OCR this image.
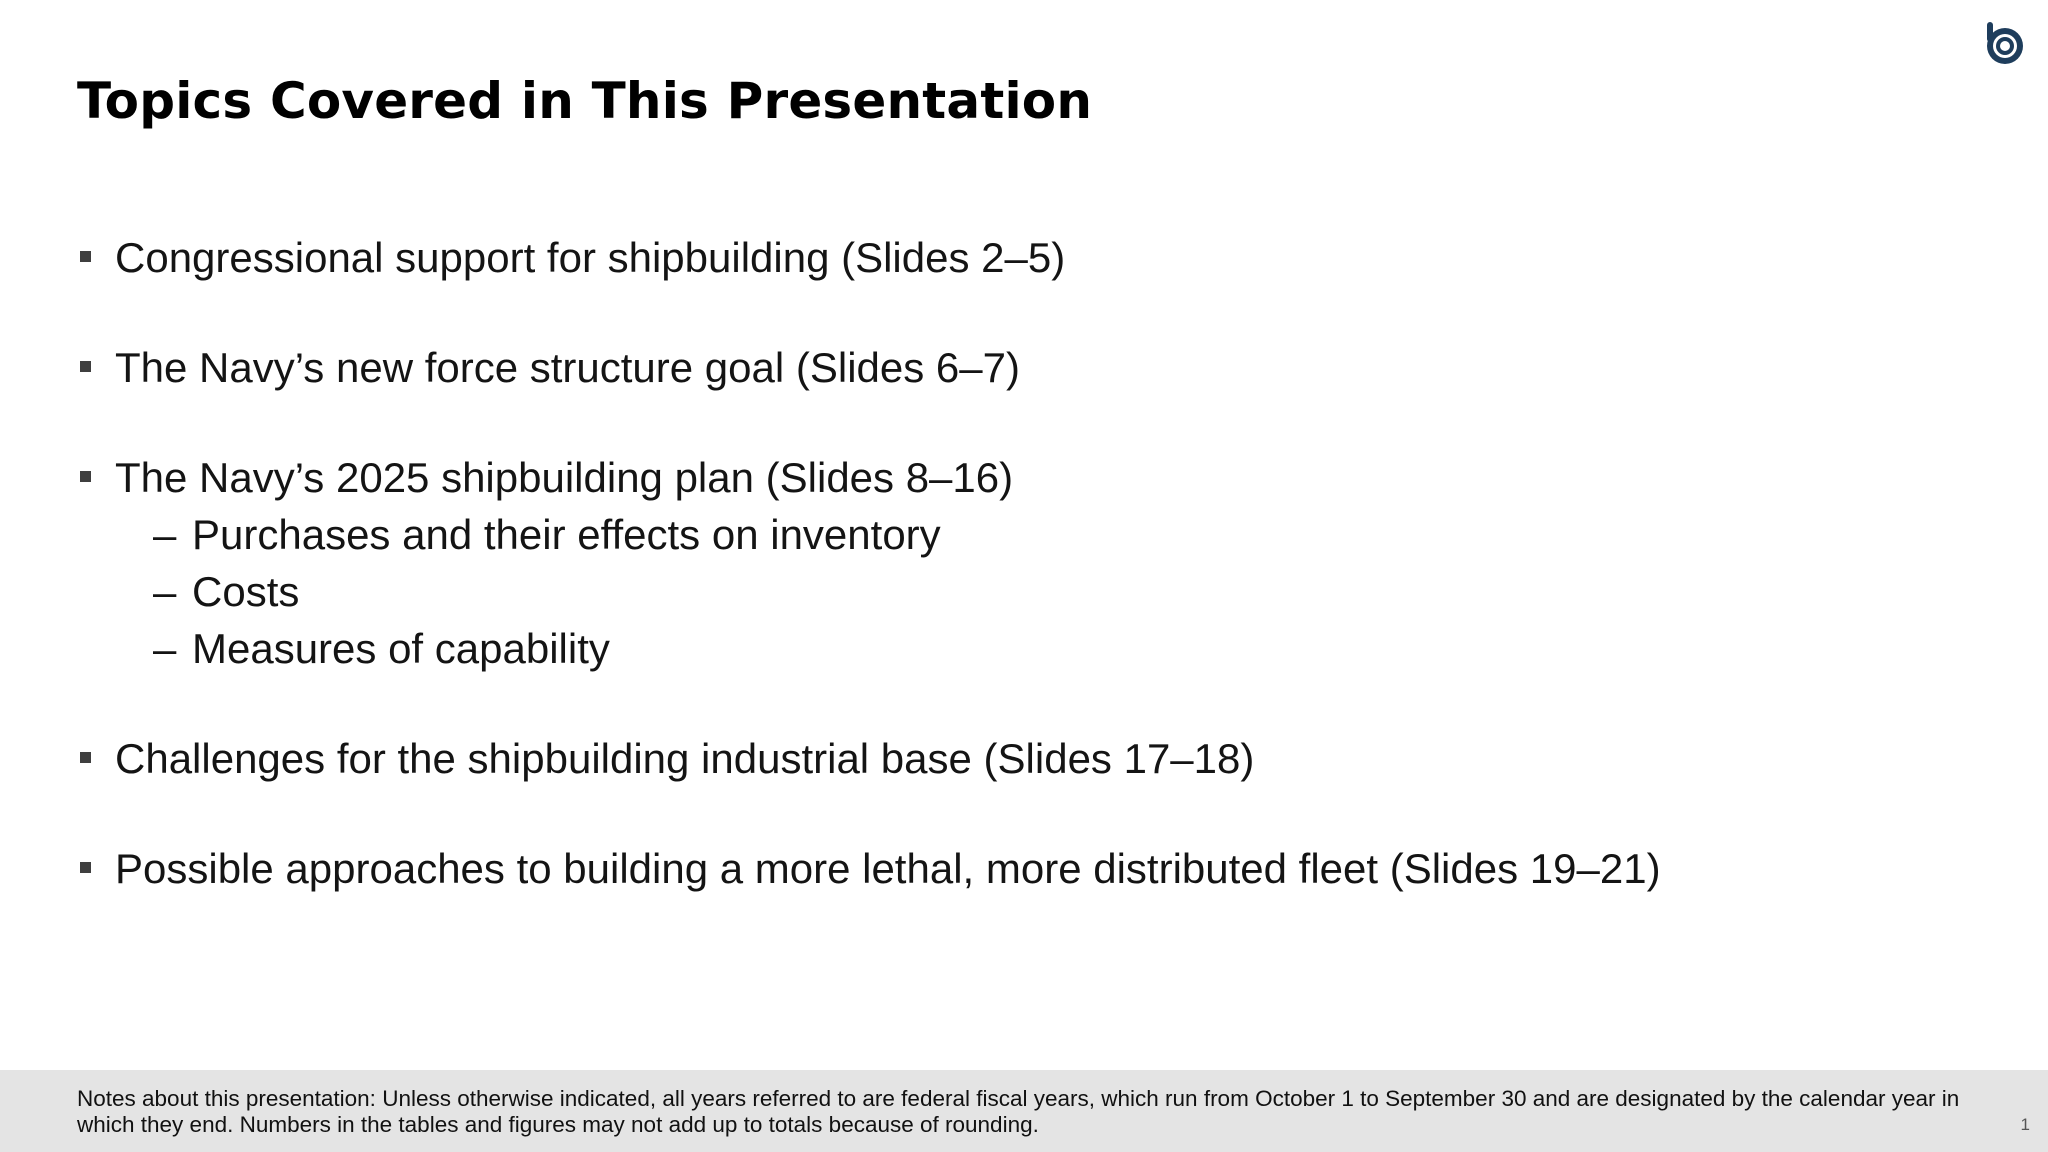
Topics Covered in This Presentation
Congressional support for shipbuilding (Slides 2–5)
The Navy’s new force structure goal (Slides 6–7)
The Navy’s 2025 shipbuilding plan (Slides 8–16)
– Purchases and their effects on inventory
– Costs
– Measures of capability
Challenges for the shipbuilding industrial base (Slides 17–18)
Possible approaches to building a more lethal, more distributed fleet (Slides 19–21)

Notes about this presentation: Unless otherwise indicated, all years referred to are federal fiscal years, which run from October 1 to September 30 and are designated by the calendar year in which they end. Numbers in the tables and figures may not add up to totals because of rounding.	1
